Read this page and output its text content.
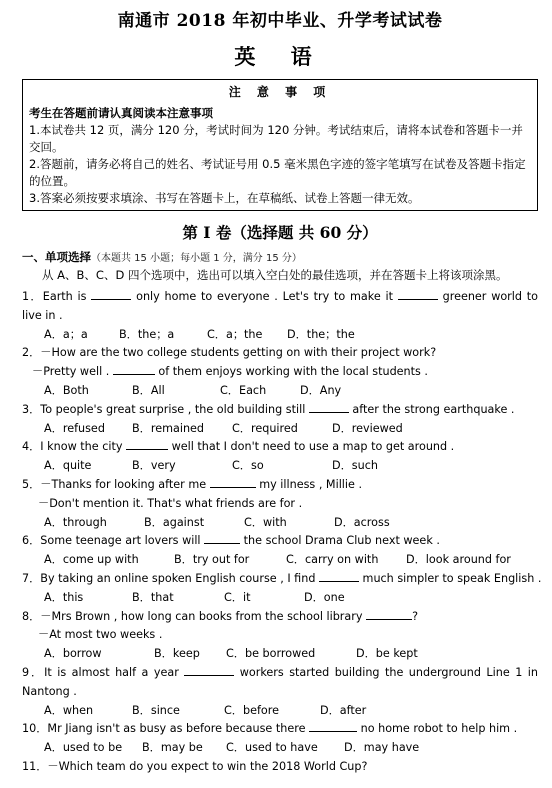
南通市 2018 年初中毕业、升学考试试卷
英 语
注 意 事 项
考生在答题前请认真阅读本注意事项
1.本试卷共 12 页，满分 120 分，考试时间为 120 分钟。考试结束后，请将本试卷和答题卡一并交回。
2.答题前，请务必将自己的姓名、考试证号用 0.5 毫米黑色字迹的签字笔填写在试卷及答题卡指定的位置。
3.答案必须按要求填涂、书写在答题卡上，在草稿纸、试卷上答题一律无效。
第 I 卷（选择题 共 60 分）
一、单项选择（本题共 15 小题；每小题 1 分，满分 15 分）
从 A、B、C、D 四个选项中，选出可以填入空白处的最佳选项，并在答题卡上将该项涂黑。
1．Earth is	only home to everyone . Let's try to make it	greener world to live in .
A．a；a	B．the；a	C．a；the	D．the；the
2．－How are the two college students getting on with their project work?
－Pretty well .	of them enjoys working with the local students .
A．Both	B．All	C．Each	D．Any
3．To people's great surprise , the old building still	after the strong earthquake .
A．refused	B．remained	C．required	D．reviewed
4．I know the city	well that I don't need to use a map to get around .
A．quite	B．very	C．so	D．such
5．－Thanks for looking after me	my illness , Millie .
－Don't mention it. That's what friends are for .
A．through	B．against	C．with	D．across
6．Some teenage art lovers will	the school Drama Club next week .
A．come up with	B．try out for	C．carry on with	D．look around for
7．By taking an online spoken English course , I find	much simpler to speak English .
A．this	B．that	C．it	D．one
8．－Mrs Brown , how long can books from the school library	?
－At most two weeks .
A．borrow	B．keep	C．be borrowed	D．be kept
9．It is almost half a year	workers started building the underground Line 1 in Nantong .
A．when	B．since	C．before	D．after
10．Mr Jiang isn't as busy as before because there	no home robot to help him .
A．used to be	B．may be	C．used to have	D．may have
11．－Which team do you expect to win the 2018 World Cup?
